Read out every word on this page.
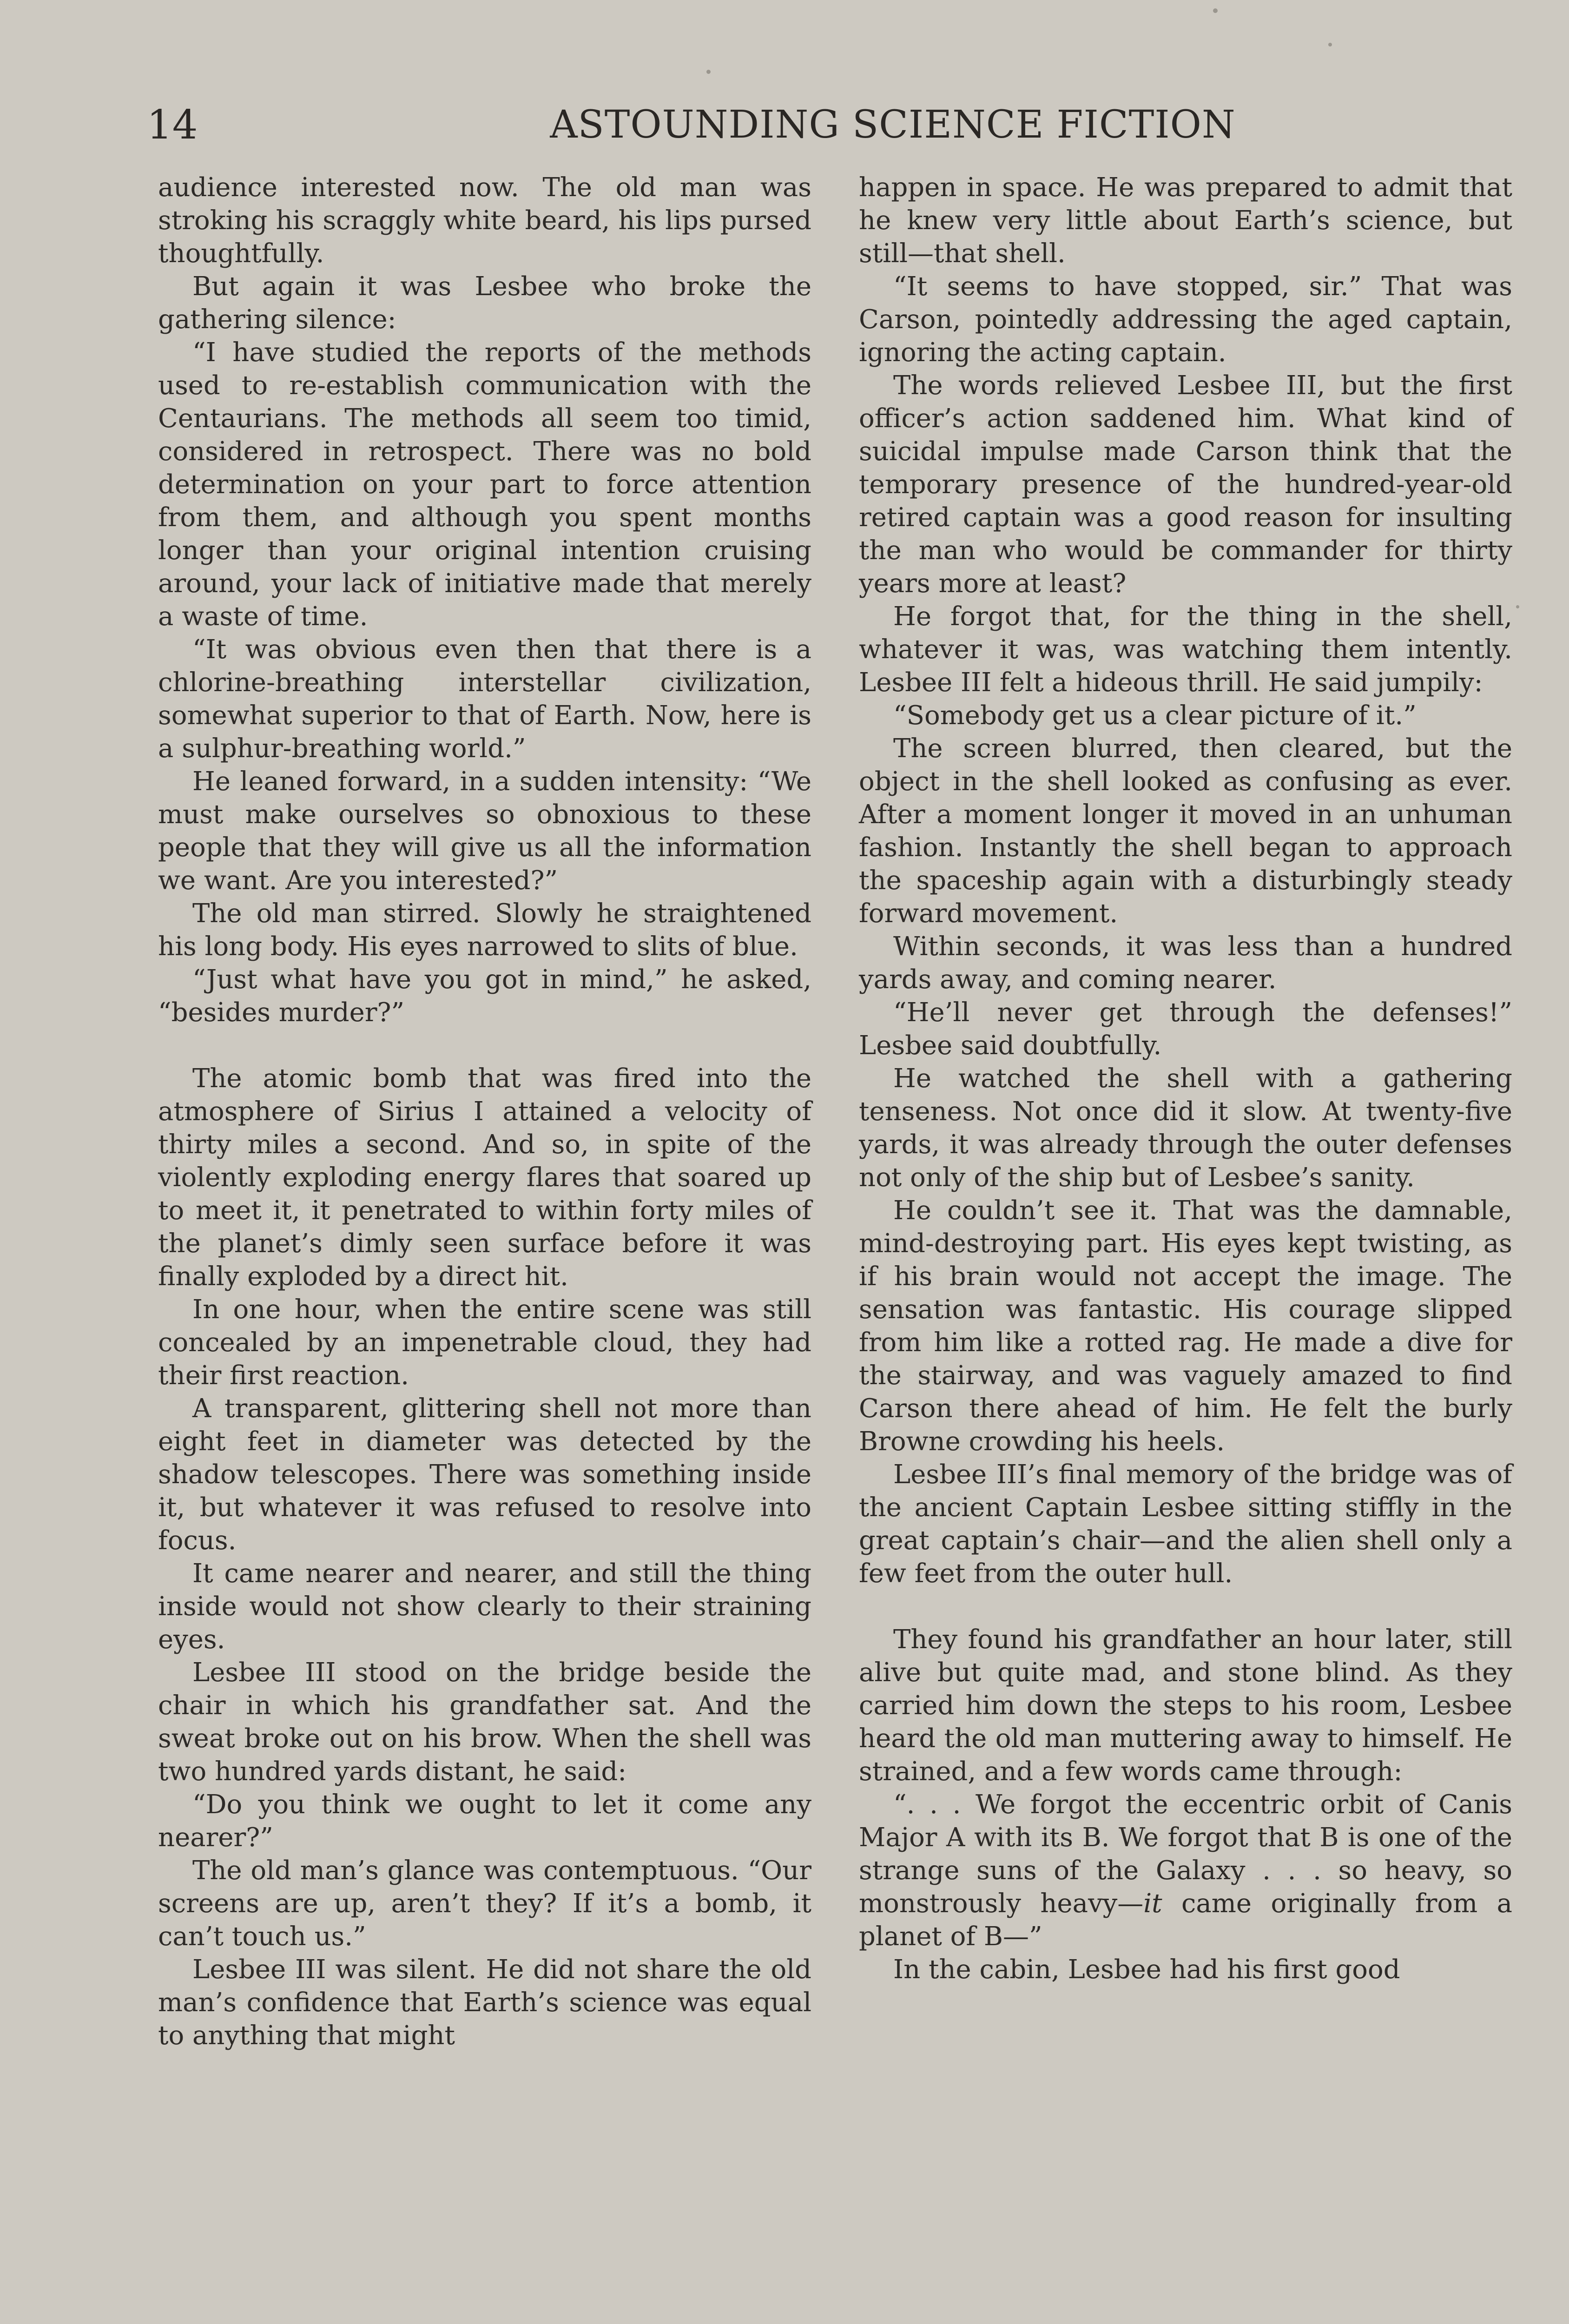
14	ASTOUNDING SCIENCE FICTION

audience interested now. The old man was stroking his scraggly white beard, his lips pursed thoughtfully.

But again it was Lesbee who broke the gathering silence:

“I have studied the reports of the methods used to re-establish communication with the Centaurians. The methods all seem too timid, considered in retrospect. There was no bold determination on your part to force attention from them, and although you spent months longer than your original intention cruising around, your lack of initiative made that merely a waste of time.

“It was obvious even then that there is a chlorine-breathing interstellar civilization, somewhat superior to that of Earth. Now, here is a sulphur-breathing world.”

He leaned forward, in a sudden intensity: “We must make ourselves so obnoxious to these people that they will give us all the information we want. Are you interested?”

The old man stirred. Slowly he straightened his long body. His eyes narrowed to slits of blue.

“Just what have you got in mind,” he asked, “besides murder?”

The atomic bomb that was fired into the atmosphere of Sirius I attained a velocity of thirty miles a second. And so, in spite of the violently exploding energy flares that soared up to meet it, it penetrated to within forty miles of the planet’s dimly seen surface before it was finally exploded by a direct hit.

In one hour, when the entire scene was still concealed by an impenetrable cloud, they had their first reaction.

A transparent, glittering shell not more than eight feet in diameter was detected by the shadow telescopes. There was something inside it, but whatever it was refused to resolve into focus.

It came nearer and nearer, and still the thing inside would not show clearly to their straining eyes.

Lesbee III stood on the bridge beside the chair in which his grandfather sat. And the sweat broke out on his brow. When the shell was two hundred yards distant, he said:

“Do you think we ought to let it come any nearer?”

The old man’s glance was contemptuous. “Our screens are up, aren’t they? If it’s a bomb, it can’t touch us.”

Lesbee III was silent. He did not share the old man’s confidence that Earth’s science was equal to anything that might

happen in space. He was prepared to admit that he knew very little about Earth’s science, but still—that shell.

“It seems to have stopped, sir.” That was Carson, pointedly addressing the aged captain, ignoring the acting captain.

The words relieved Lesbee III, but the first officer’s action saddened him. What kind of suicidal impulse made Carson think that the temporary presence of the hundred-year-old retired captain was a good reason for insulting the man who would be commander for thirty years more at least?

He forgot that, for the thing in the shell, whatever it was, was watching them intently. Lesbee III felt a hideous thrill. He said jumpily:

“Somebody get us a clear picture of it.”

The screen blurred, then cleared, but the object in the shell looked as confusing as ever. After a moment longer it moved in an unhuman fashion. Instantly the shell began to approach the spaceship again with a disturbingly steady forward movement.

Within seconds, it was less than a hundred yards away, and coming nearer.

“He’ll never get through the defenses!” Lesbee said doubtfully.

He watched the shell with a gathering tenseness. Not once did it slow. At twenty-five yards, it was already through the outer defenses not only of the ship but of Lesbee’s sanity.

He couldn’t see it. That was the damnable, mind-destroying part. His eyes kept twisting, as if his brain would not accept the image. The sensation was fantastic. His courage slipped from him like a rotted rag. He made a dive for the stairway, and was vaguely amazed to find Carson there ahead of him. He felt the burly Browne crowding his heels.

Lesbee III’s final memory of the bridge was of the ancient Captain Lesbee sitting stiffly in the great captain’s chair—and the alien shell only a few feet from the outer hull.

They found his grandfather an hour later, still alive but quite mad, and stone blind. As they carried him down the steps to his room, Lesbee heard the old man muttering away to himself. He strained, and a few words came through:

“. . . We forgot the eccentric orbit of Canis Major A with its B. We forgot that B is one of the strange suns of the Galaxy . . . so heavy, so monstrously heavy—it came originally from a planet of B—”

In the cabin, Lesbee had his first good
